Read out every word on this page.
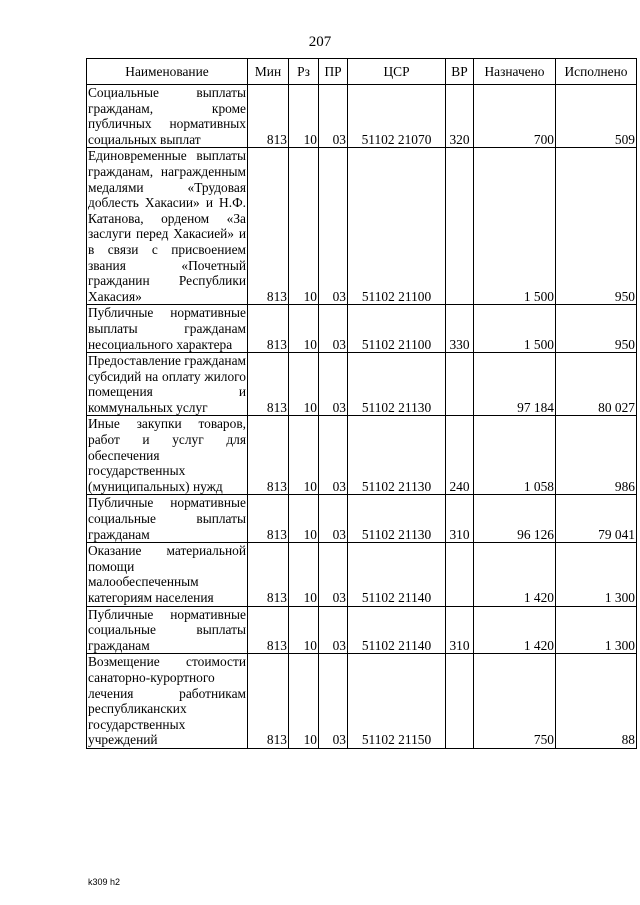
207
Наименование	Мин	Рз	ПР	ЦСР	ВР	Назначено	Исполнено
Социальные выплаты гражданам, кроме публичных нормативных социальных выплат	813	10	03	51102 21070	320	700	509
Единовременные выплаты гражданам, награжденным медалями «Трудовая доблесть Хакасии» и Н.Ф. Катанова, орденом «За заслуги перед Хакасией» и в связи с присвоением звания «Почетный гражданин Республики Хакасия»	813	10	03	51102 21100		1 500	950
Публичные нормативные выплаты гражданам несоциального характера	813	10	03	51102 21100	330	1 500	950
Предоставление гражданам субсидий на оплату жилого помещения и коммунальных услуг	813	10	03	51102 21130		97 184	80 027
Иные закупки товаров, работ и услуг для обеспечения государственных (муниципальных) нужд	813	10	03	51102 21130	240	1 058	986
Публичные нормативные социальные выплаты гражданам	813	10	03	51102 21130	310	96 126	79 041
Оказание материальной помощи малообеспеченным категориям населения	813	10	03	51102 21140		1 420	1 300
Публичные нормативные социальные выплаты гражданам	813	10	03	51102 21140	310	1 420	1 300
Возмещение стоимости санаторно-курортного лечения работникам республиканских государственных учреждений	813	10	03	51102 21150		750	88
k309 h2
